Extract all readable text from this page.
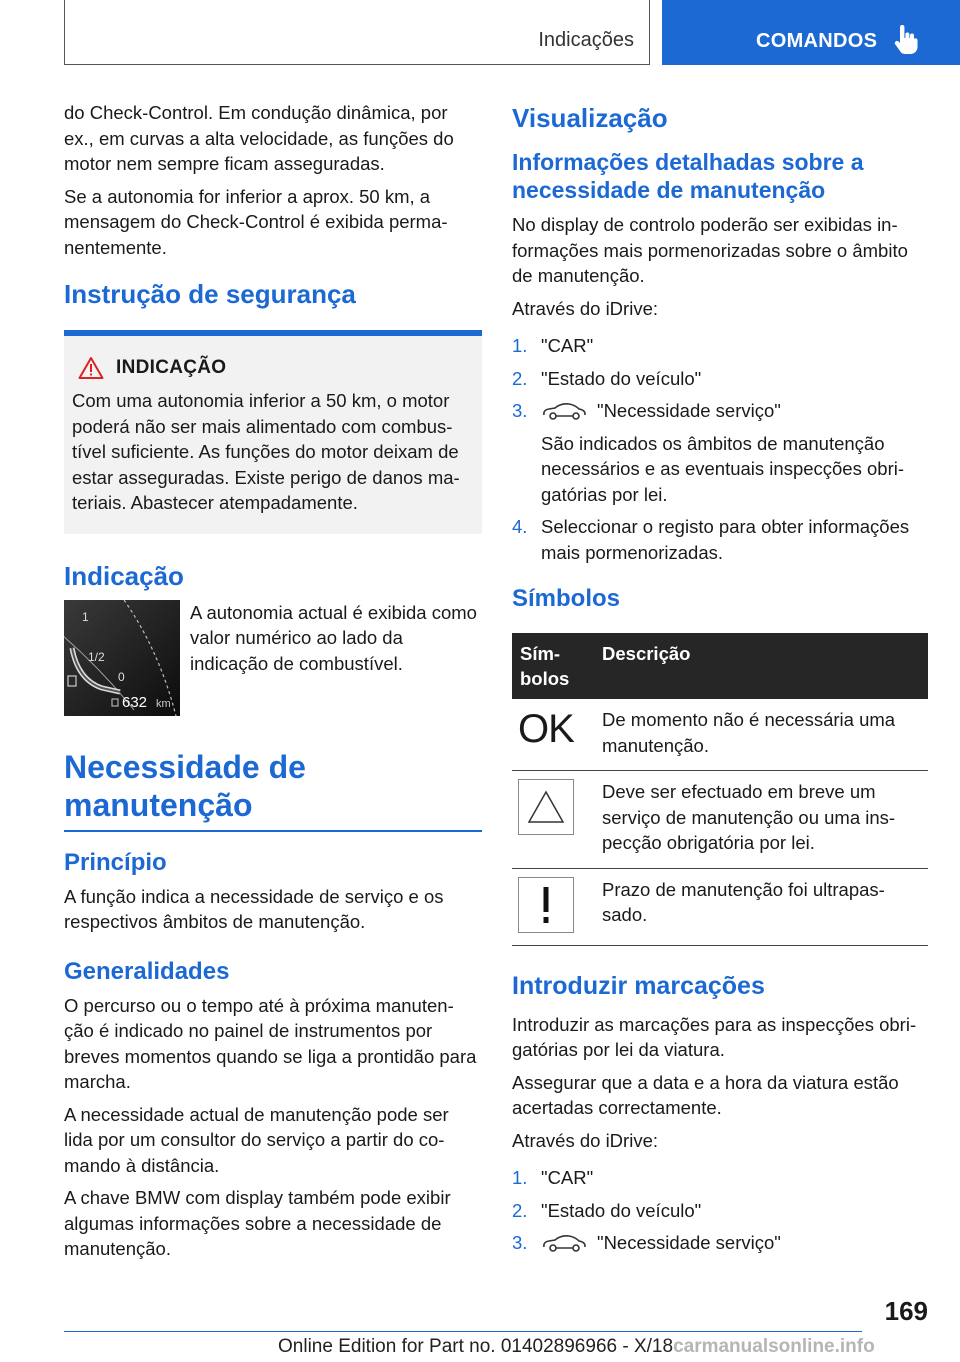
Indicações	COMANDOS

do Check-Control. Em condução dinâmica, por ex., em curvas a alta velocidade, as funções do motor nem sempre ficam asseguradas.

Se a autonomia for inferior a aprox. 50 km, a mensagem do Check-Control é exibida perma‐nentemente.

Instrução de segurança
INDICAÇÃO

Com uma autonomia inferior a 50 km, o motor poderá não ser mais alimentado com combus‐tível suficiente. As funções do motor deixam de estar asseguradas. Existe perigo de danos ma‐teriais. Abastecer atempadamente.

Indicação
1
1/2
0
632 km

A autonomia actual é exibida como valor numérico ao lado da indicação de combustível.

Necessidade de manutenção
Princípio

A função indica a necessidade de serviço e os respectivos âmbitos de manutenção.

Generalidades

O percurso ou o tempo até à próxima manuten‐ção é indicado no painel de instrumentos por breves momentos quando se liga a prontidão para marcha.

A necessidade actual de manutenção pode ser lida por um consultor do serviço a partir do co‐mando à distância.

A chave BMW com display também pode exibir algumas informações sobre a necessidade de manutenção.

Visualização
Informações detalhadas sobre a necessidade de manutenção

No display de controlo poderão ser exibidas in‐formações mais pormenorizadas sobre o âmbito de manutenção.

Através do iDrive:

1. "CAR"
2. "Estado do veículo"
3.	"Necessidade serviço"
São indicados os âmbitos de manutenção necessários e as eventuais inspecções obri‐gatórias por lei.
4. Seleccionar o registo para obter informações mais pormenorizadas.
Símbolos
Sím‐bolos	Descrição
OK	De momento não é necessária uma manutenção.

	Deve ser efectuado em breve um serviço de manutenção ou uma ins‐pecção obrigatória por lei.

	Prazo de manutenção foi ultrapas‐sado.
Introduzir marcações

Introduzir as marcações para as inspecções obri‐gatórias por lei da viatura.

Assegurar que a data e a hora da viatura estão acertadas correctamente.

Através do iDrive:

1. "CAR"
2. "Estado do veículo"
3.	"Necessidade serviço"
169
Online Edition for Part no. 01402896966 - X/18carmanualsonline.info
